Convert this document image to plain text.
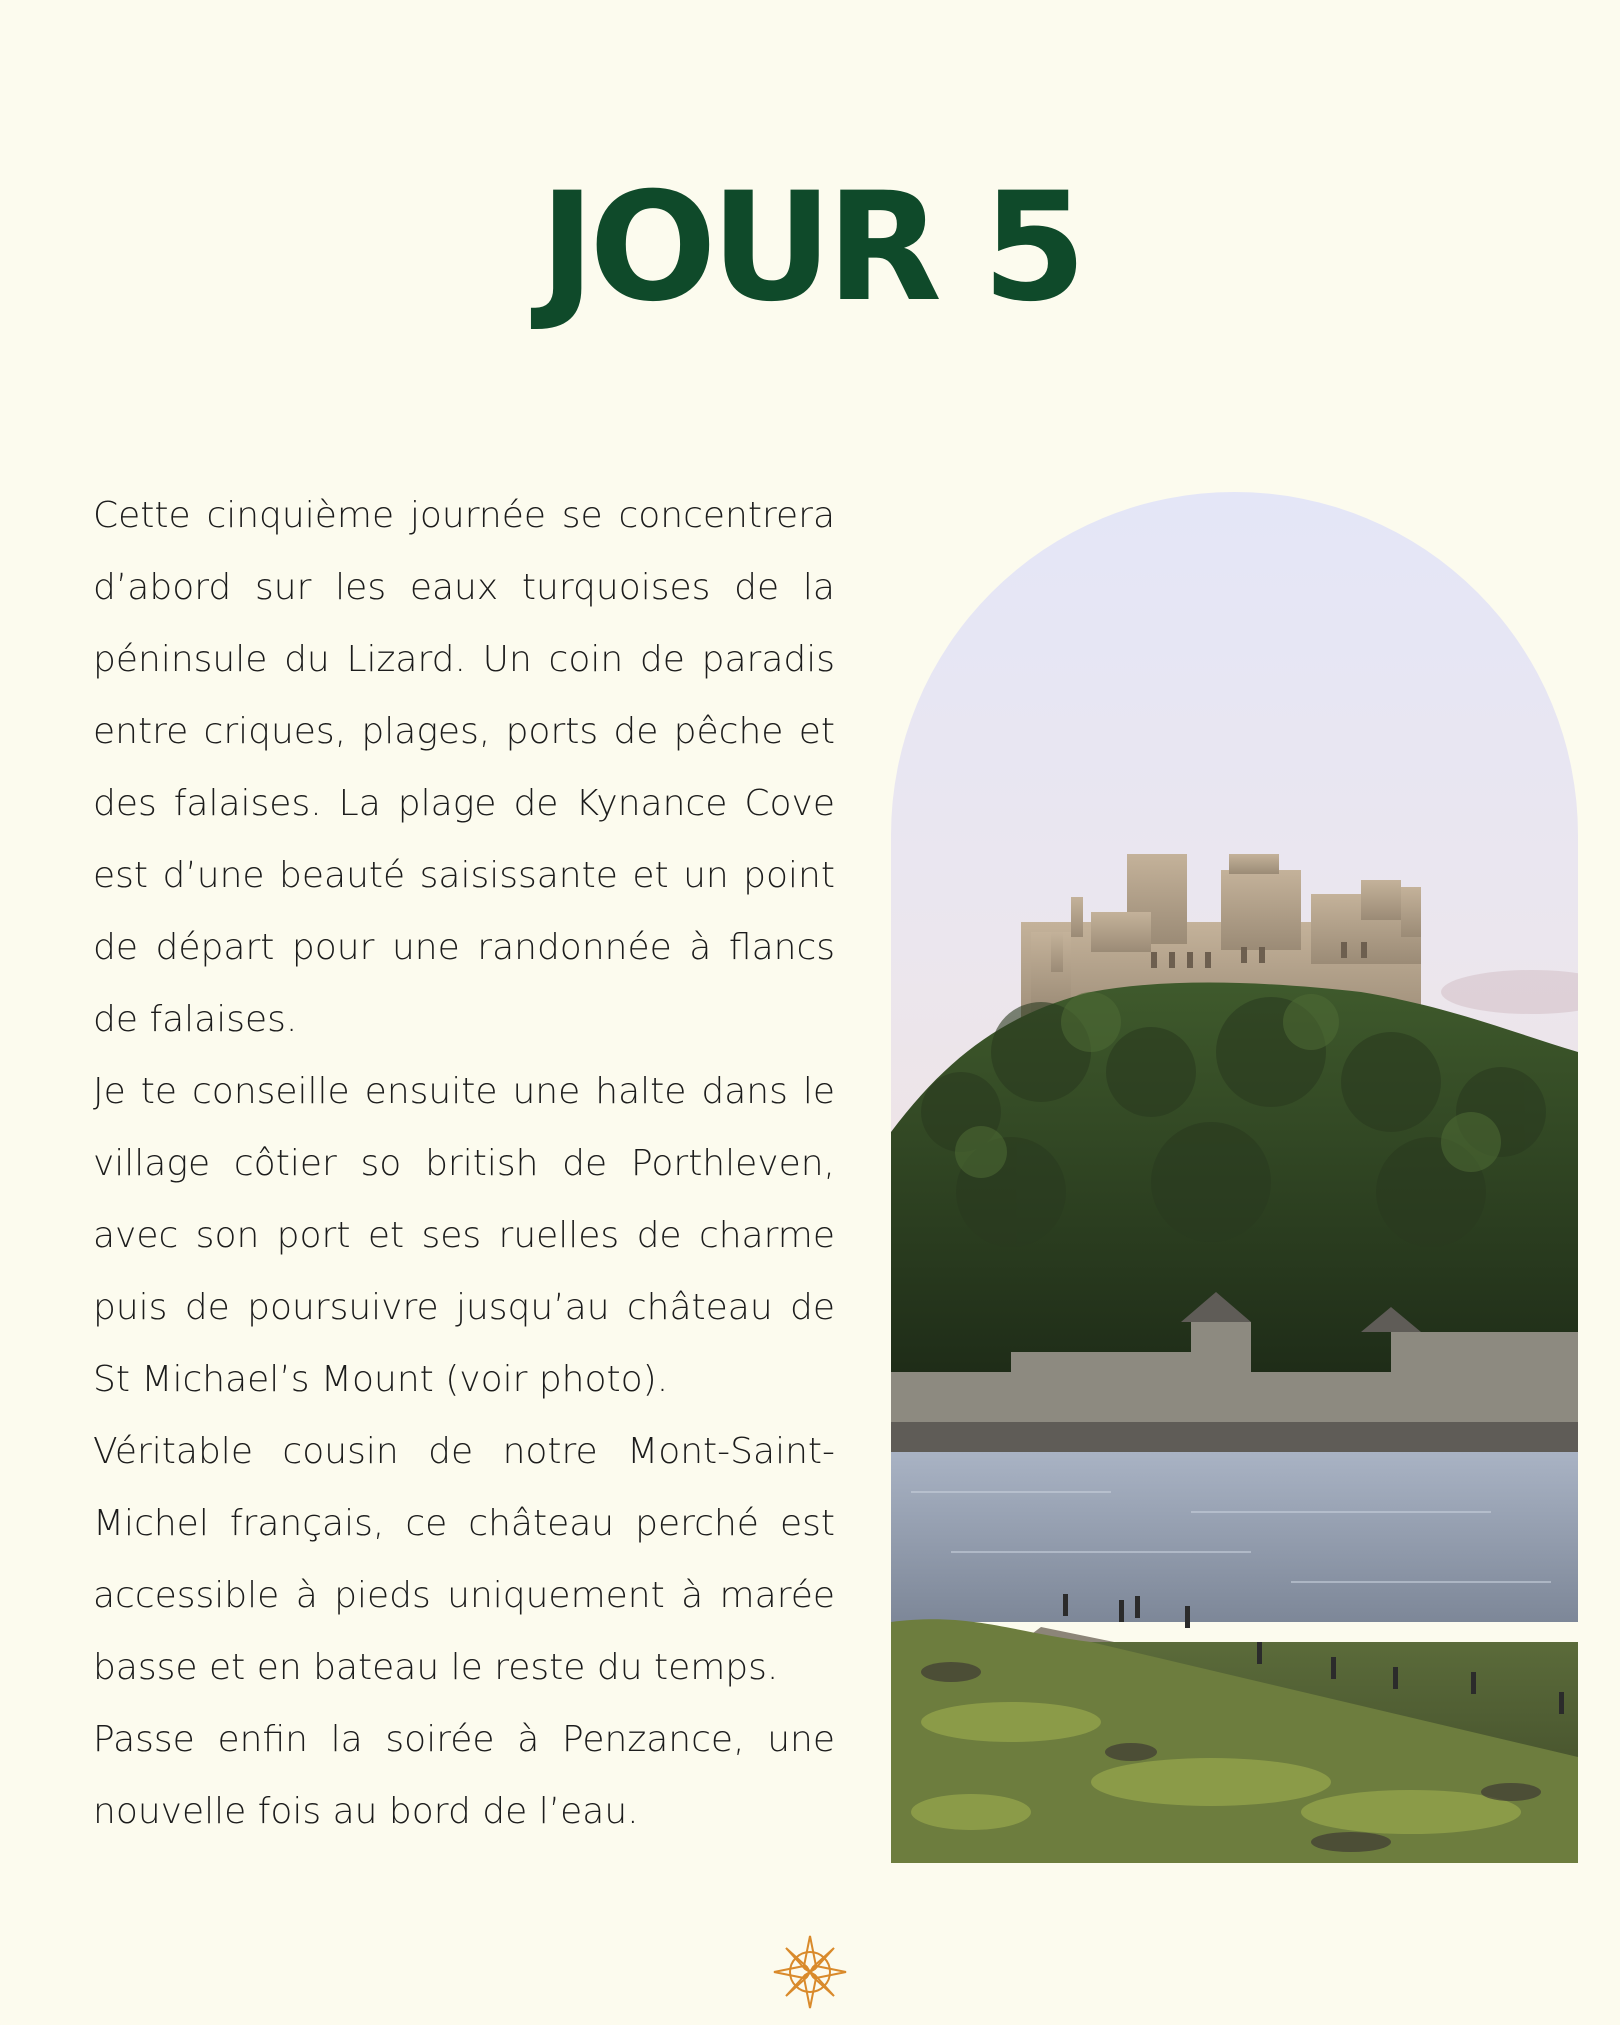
JOUR 5

Cette cinquième journée se concentrera d’abord sur les eaux turquoises de la péninsule du Lizard. Un coin de paradis entre criques, plages, ports de pêche et des falaises. La plage de Kynance Cove est d’une beauté saisissante et un point de départ pour une randonnée à flancs de falaises.

Je te conseille ensuite une halte dans le village côtier so british de Porthleven, avec son port et ses ruelles de charme puis de poursuivre jusqu’au château de St Michael’s Mount (voir photo).

Véritable cousin de notre Mont-Saint-Michel français, ce château perché est accessible à pieds uniquement à marée basse et en bateau le reste du temps.

Passe enfin la soirée à Penzance, une nouvelle fois au bord de l’eau.
